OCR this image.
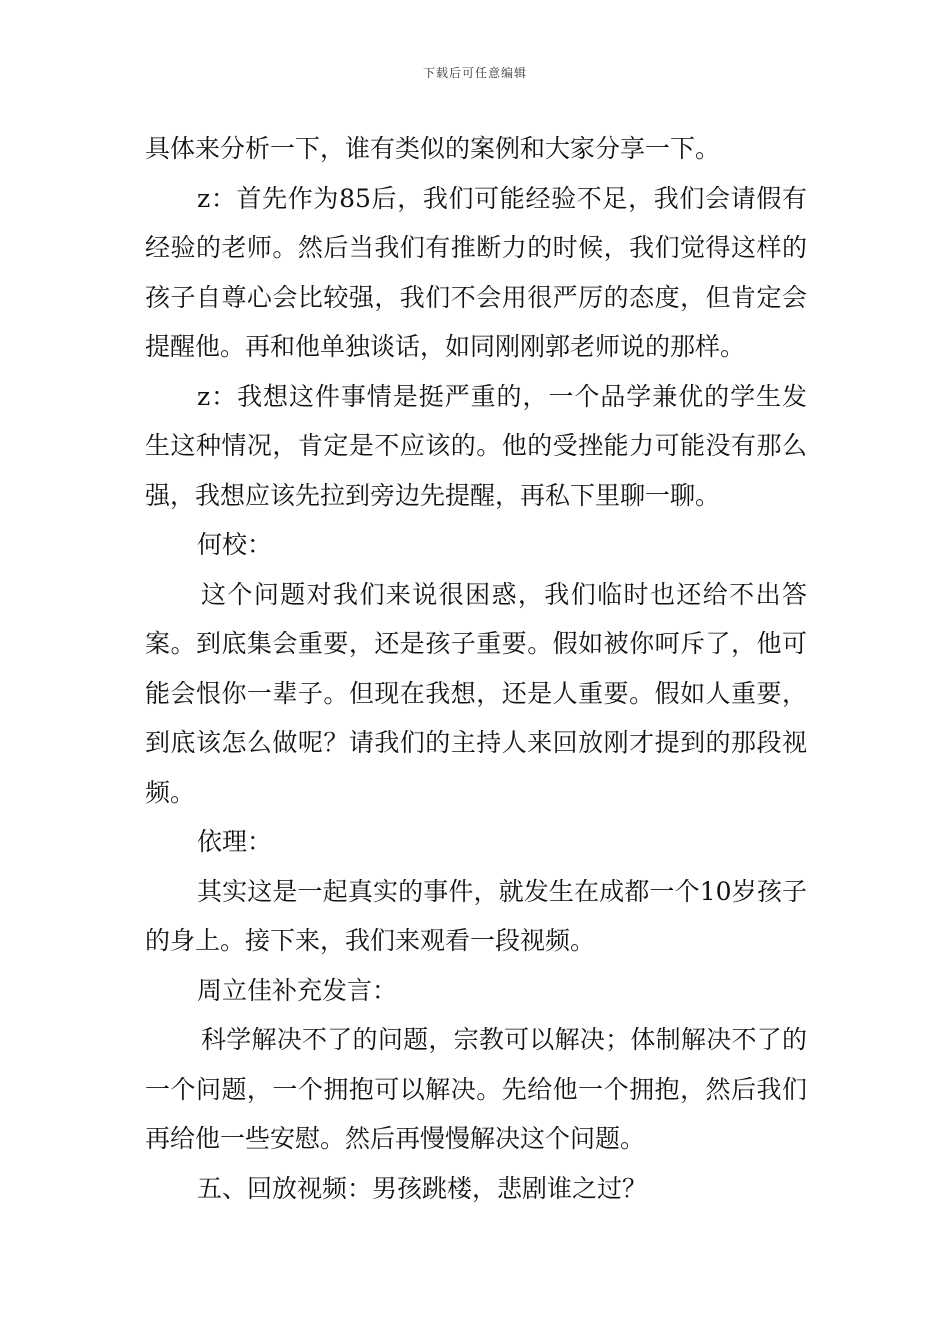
下载后可任意编辑

具体来分析一下，谁有类似的案例和大家分享一下。

z：首先作为85后，我们可能经验不足，我们会请假有经验的老师。然后当我们有推断力的时候，我们觉得这样的孩子自尊心会比较强，我们不会用很严厉的态度，但肯定会提醒他。再和他单独谈话，如同刚刚郭老师说的那样。

z：我想这件事情是挺严重的，一个品学兼优的学生发生这种情况，肯定是不应该的。他的受挫能力可能没有那么强，我想应该先拉到旁边先提醒，再私下里聊一聊。

何校：

这个问题对我们来说很困惑，我们临时也还给不出答案。到底集会重要，还是孩子重要。假如被你呵斥了，他可能会恨你一辈子。但现在我想，还是人重要。假如人重要，到底该怎么做呢？请我们的主持人来回放刚才提到的那段视频。

依理：

其实这是一起真实的事件，就发生在成都一个10岁孩子的身上。接下来，我们来观看一段视频。

周立佳补充发言：

科学解决不了的问题，宗教可以解决；体制解决不了的一个问题，一个拥抱可以解决。先给他一个拥抱，然后我们再给他一些安慰。然后再慢慢解决这个问题。

五、回放视频：男孩跳楼，悲剧谁之过？
